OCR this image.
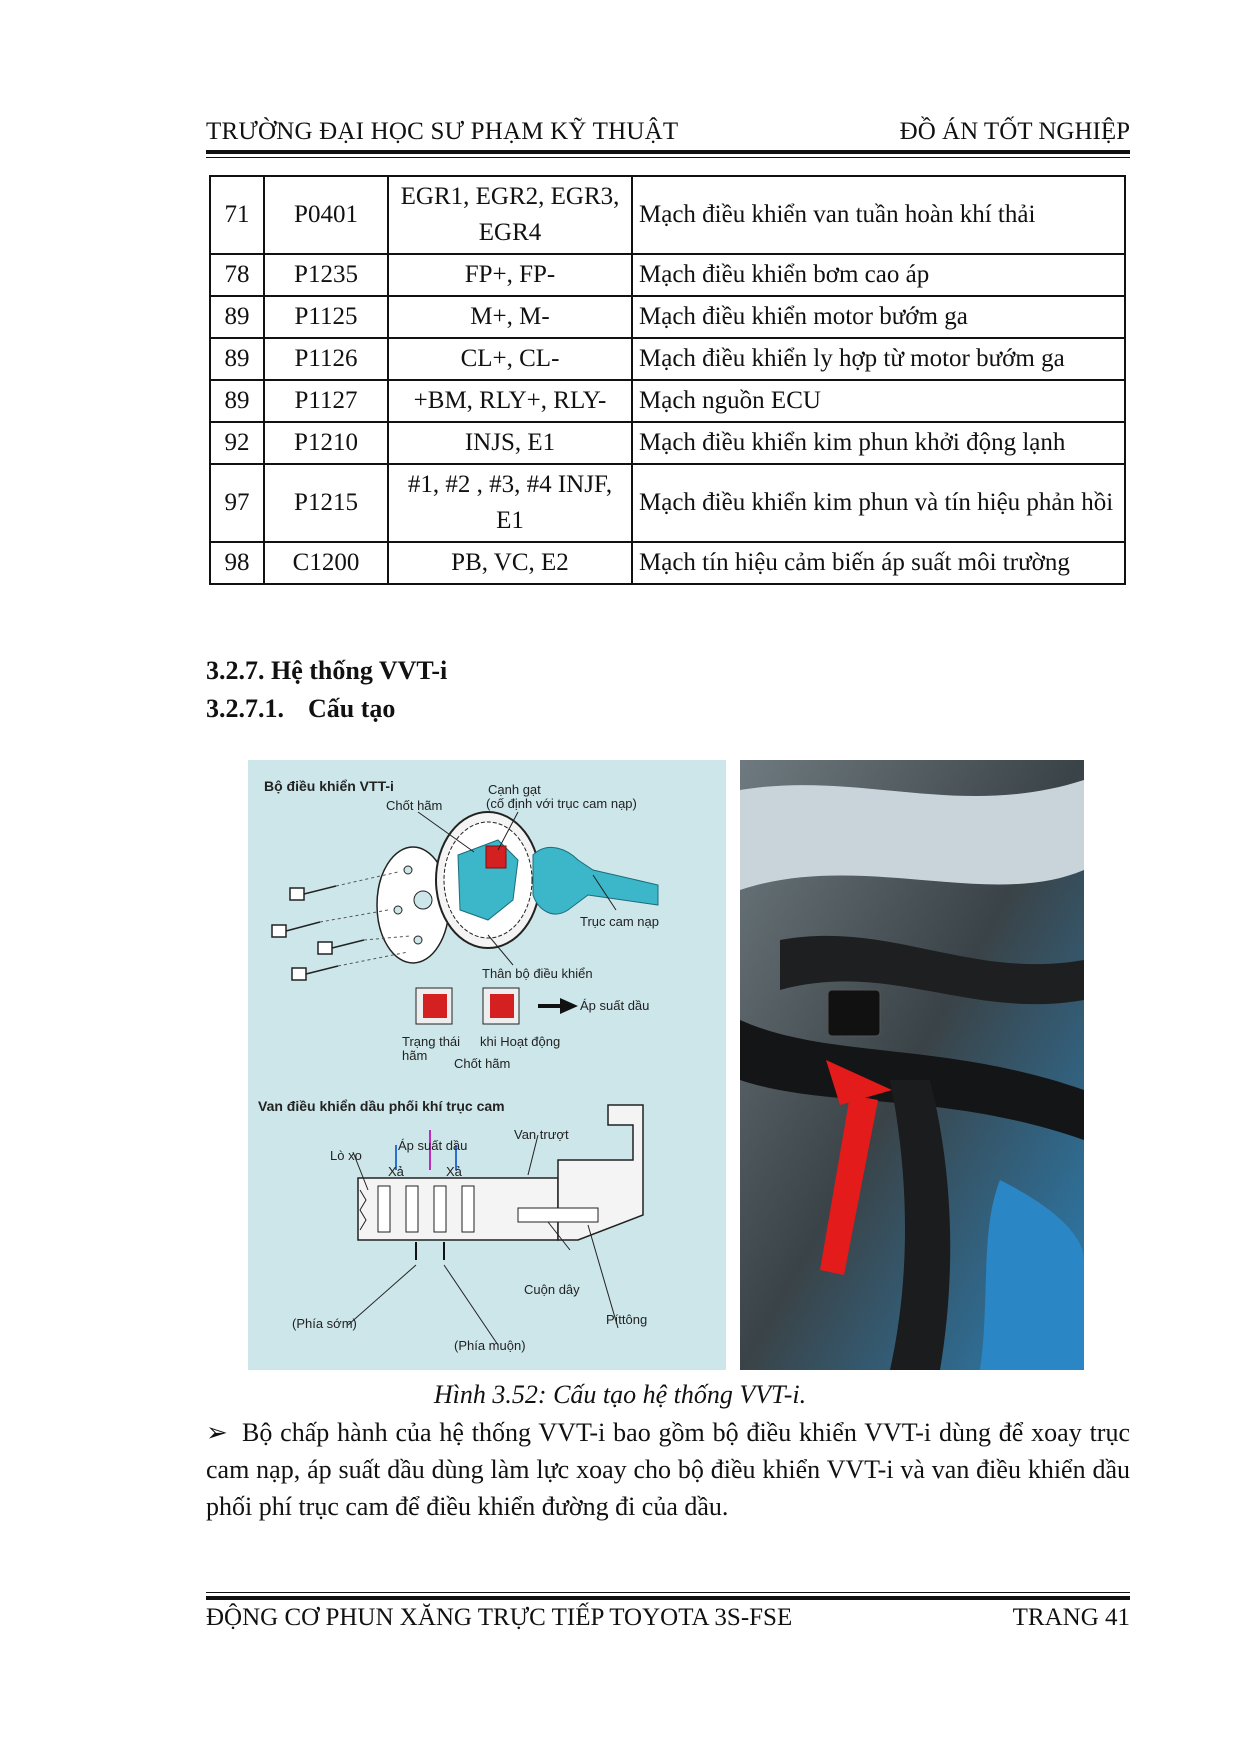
TRƯỜNG ĐẠI HỌC SƯ PHẠM KỸ THUẬT	ĐỒ ÁN TỐT NGHIỆP
71	P0401	EGR1, EGR2, EGR3, EGR4	Mạch điều khiển van tuần hoàn khí thải
78	P1235	FP+, FP-	Mạch điều khiển bơm cao áp
89	P1125	M+, M-	Mạch điều khiển motor bướm ga
89	P1126	CL+, CL-	Mạch điều khiển ly hợp từ motor bướm ga
89	P1127	+BM, RLY+, RLY-	Mạch nguồn ECU
92	P1210	INJS, E1	Mạch điều khiển kim phun khởi động lạnh
97	P1215	#1, #2 , #3, #4 INJF, E1	Mạch điều khiển kim phun và tín hiệu phản hồi
98	C1200	PB, VC, E2	Mạch tín hiệu cảm biến áp suất môi trường
3.2.7. Hệ thống VVT-i
3.2.7.1. Cấu tạo
Bộ điều khiển VTT-i
Chốt hãm
Cạnh gạt
(cố định với trục cam nạp)
Trục cam nạp
Thân bộ điều khiển
Áp suất dầu
Trạng thái
hãm
khi Hoạt động
Chốt hãm
Van điều khiển dầu phối khí trục cam
Lò xo
Áp suất dầu
Van trượt
Xả	Xả
(Phía sớm)
Cuộn dây
Píttông
(Phía muộn)
Hình 3.52: Cấu tạo hệ thống VVT-i.
➢ Bộ chấp hành của hệ thống VVT-i bao gồm bộ điều khiển VVT-i dùng để xoay trục cam nạp, áp suất dầu dùng làm lực xoay cho bộ điều khiển VVT-i và van điều khiển dầu phối phí trục cam để điều khiển đường đi của dầu.
ĐỘNG CƠ PHUN XĂNG TRỰC TIẾP TOYOTA 3S-FSE	TRANG 41
